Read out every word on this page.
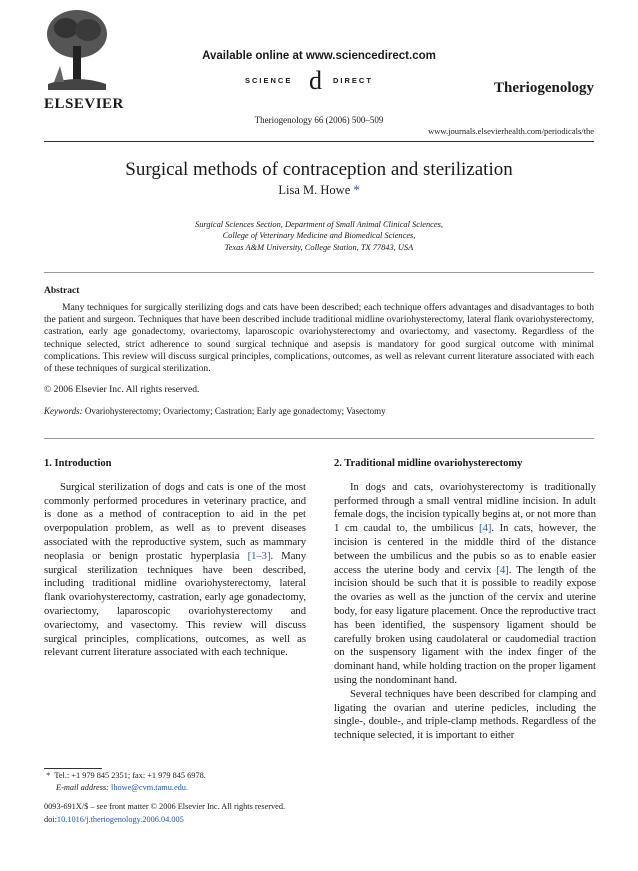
ELSEVIER
Available online at www.sciencedirect.com
SCIENCE d DIRECT
Theriogenology 66 (2006) 500–509
Theriogenology
www.journals.elsevierhealth.com/periodicals/the
Surgical methods of contraception and sterilization
Lisa M. Howe *
Surgical Sciences Section, Department of Small Animal Clinical Sciences,
College of Veterinary Medicine and Biomedical Sciences,
Texas A&M University, College Station, TX 77843, USA
Abstract

Many techniques for surgically sterilizing dogs and cats have been described; each technique offers advantages and disadvantages to both the patient and surgeon. Techniques that have been described include traditional midline ovariohysterectomy, lateral flank ovariohysterectomy, castration, early age gonadectomy, ovariectomy, laparoscopic ovariohysterectomy and ovariectomy, and vasectomy. Regardless of the technique selected, strict adherence to sound surgical technique and asepsis is mandatory for good surgical outcome with minimal complications. This review will discuss surgical principles, complications, outcomes, as well as relevant current literature associated with each of these techniques of surgical sterilization.

© 2006 Elsevier Inc. All rights reserved.
Keywords: Ovariohysterectomy; Ovariectomy; Castration; Early age gonadectomy; Vasectomy
1. Introduction

Surgical sterilization of dogs and cats is one of the most commonly performed procedures in veterinary practice, and is done as a method of contraception to aid in the pet overpopulation problem, as well as to prevent diseases associated with the reproductive system, such as mammary neoplasia or benign prostatic hyperplasia [1–3]. Many surgical sterilization techniques have been described, including traditional midline ovariohysterectomy, lateral flank ovariohysterectomy, castration, early age gonadectomy, ovariectomy, laparoscopic ovariohysterectomy and ovariectomy, and vasectomy. This review will discuss surgical principles, complications, outcomes, as well as relevant current literature associated with each technique.

2. Traditional midline ovariohysterectomy

In dogs and cats, ovariohysterectomy is traditionally performed through a small ventral midline incision. In adult female dogs, the incision typically begins at, or not more than 1 cm caudal to, the umbilicus [4]. In cats, however, the incision is centered in the middle third of the distance between the umbilicus and the pubis so as to enable easier access the uterine body and cervix [4]. The length of the incision should be such that it is possible to readily expose the ovaries as well as the junction of the cervix and uterine body, for easy ligature placement. Once the reproductive tract has been identified, the suspensory ligament should be carefully broken using caudolateral or caudomedial traction on the suspensory ligament with the index finger of the dominant hand, while holding traction on the proper ligament using the nondominant hand.

Several techniques have been described for clamping and ligating the ovarian and uterine pedicles, including the single-, double-, and triple-clamp methods. Regardless of the technique selected, it is important to either

* Tel.: +1 979 845 2351; fax: +1 979 845 6978.
E-mail address: lhowe@cvm.tamu.edu.
0093-691X/$ – see front matter © 2006 Elsevier Inc. All rights reserved.
doi:10.1016/j.theriogenology.2006.04.005
